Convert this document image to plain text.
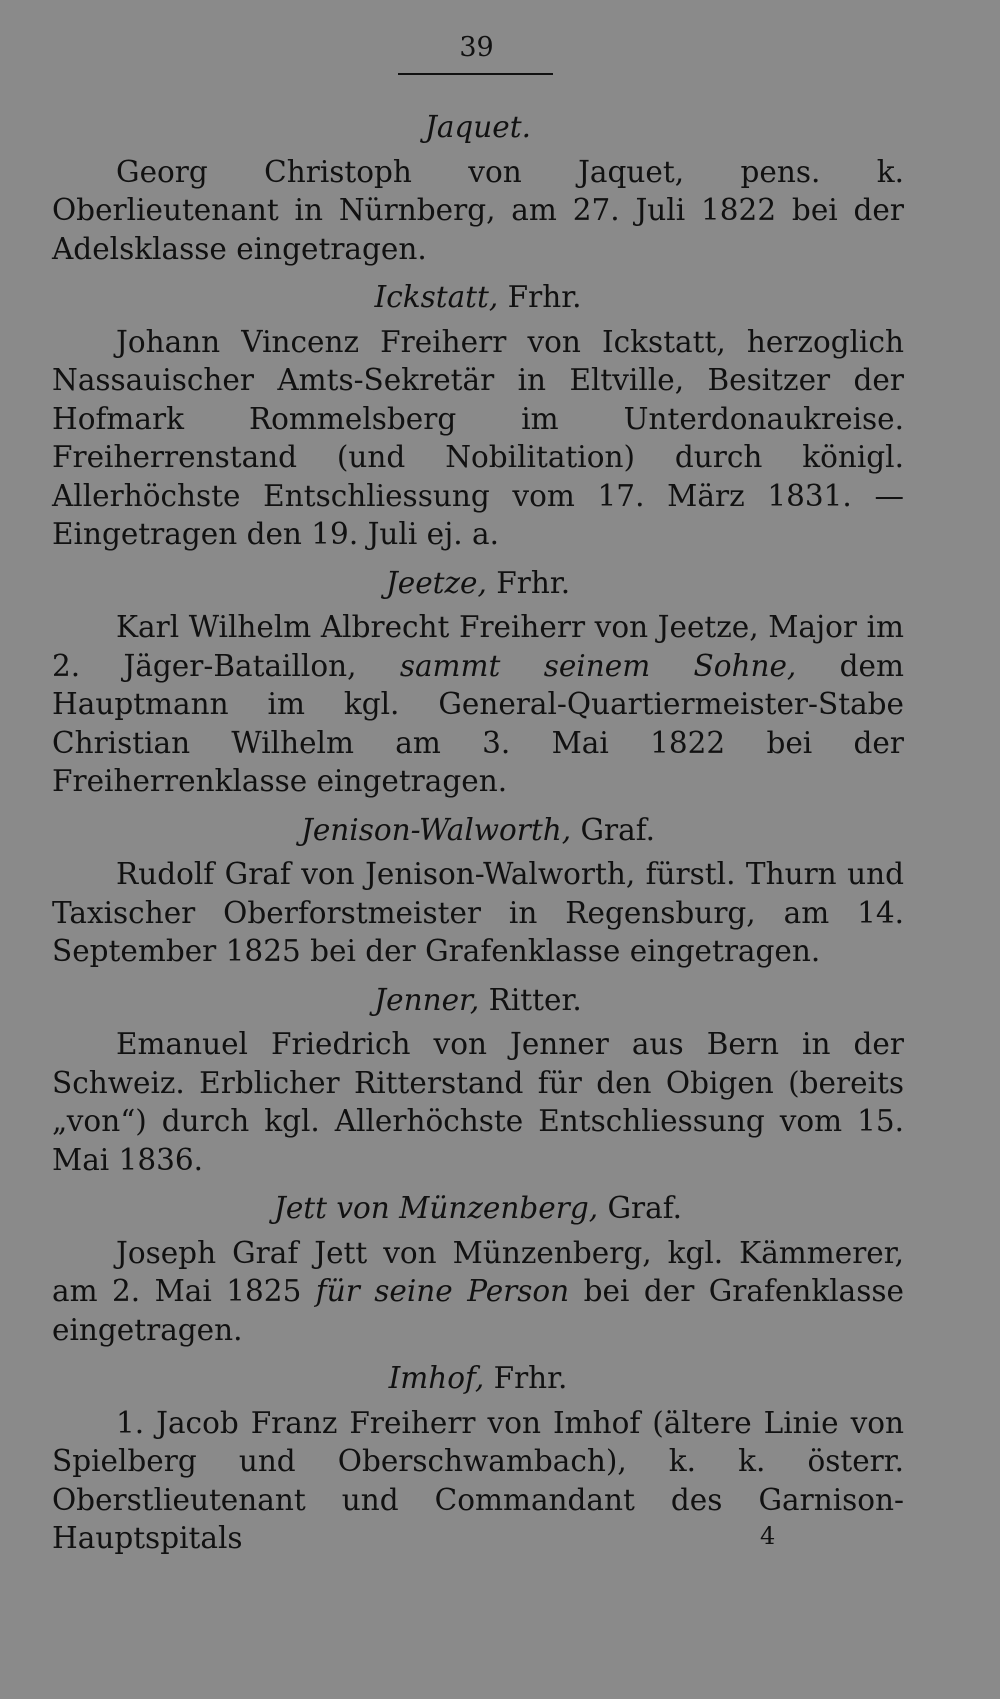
39
Jaquet.

Georg Christoph von Jaquet, pens. k. Oberlieutenant in Nürnberg, am 27. Juli 1822 bei der Adelsklasse eingetragen.

Ickstatt, Frhr.

Johann Vincenz Freiherr von Ickstatt, herzoglich Nassauischer Amts-Sekretär in Eltville, Besitzer der Hofmark Rommelsberg im Unterdonaukreise. Freiherrenstand (und Nobilitation) durch königl. Allerhöchste Entschliessung vom 17. März 1831. — Eingetragen den 19. Juli ej. a.

Jeetze, Frhr.

Karl Wilhelm Albrecht Freiherr von Jeetze, Major im 2. Jäger-Bataillon, sammt seinem Sohne, dem Hauptmann im kgl. General-Quartiermeister-Stabe Christian Wilhelm am 3. Mai 1822 bei der Freiherrenklasse eingetragen.

Jenison-Walworth, Graf.

Rudolf Graf von Jenison-Walworth, fürstl. Thurn und Taxischer Oberforstmeister in Regensburg, am 14. September 1825 bei der Grafenklasse eingetragen.

Jenner, Ritter.

Emanuel Friedrich von Jenner aus Bern in der Schweiz. Erblicher Ritterstand für den Obigen (bereits „von“) durch kgl. Allerhöchste Entschliessung vom 15. Mai 1836.

Jett von Münzenberg, Graf.

Joseph Graf Jett von Münzenberg, kgl. Kämmerer, am 2. Mai 1825 für seine Person bei der Grafenklasse eingetragen.

Imhof, Frhr.

1. Jacob Franz Freiherr von Imhof (ältere Linie von Spielberg und Oberschwambach), k. k. österr. Oberstlieutenant und Commandant des Garnison-Hauptspitals	4
